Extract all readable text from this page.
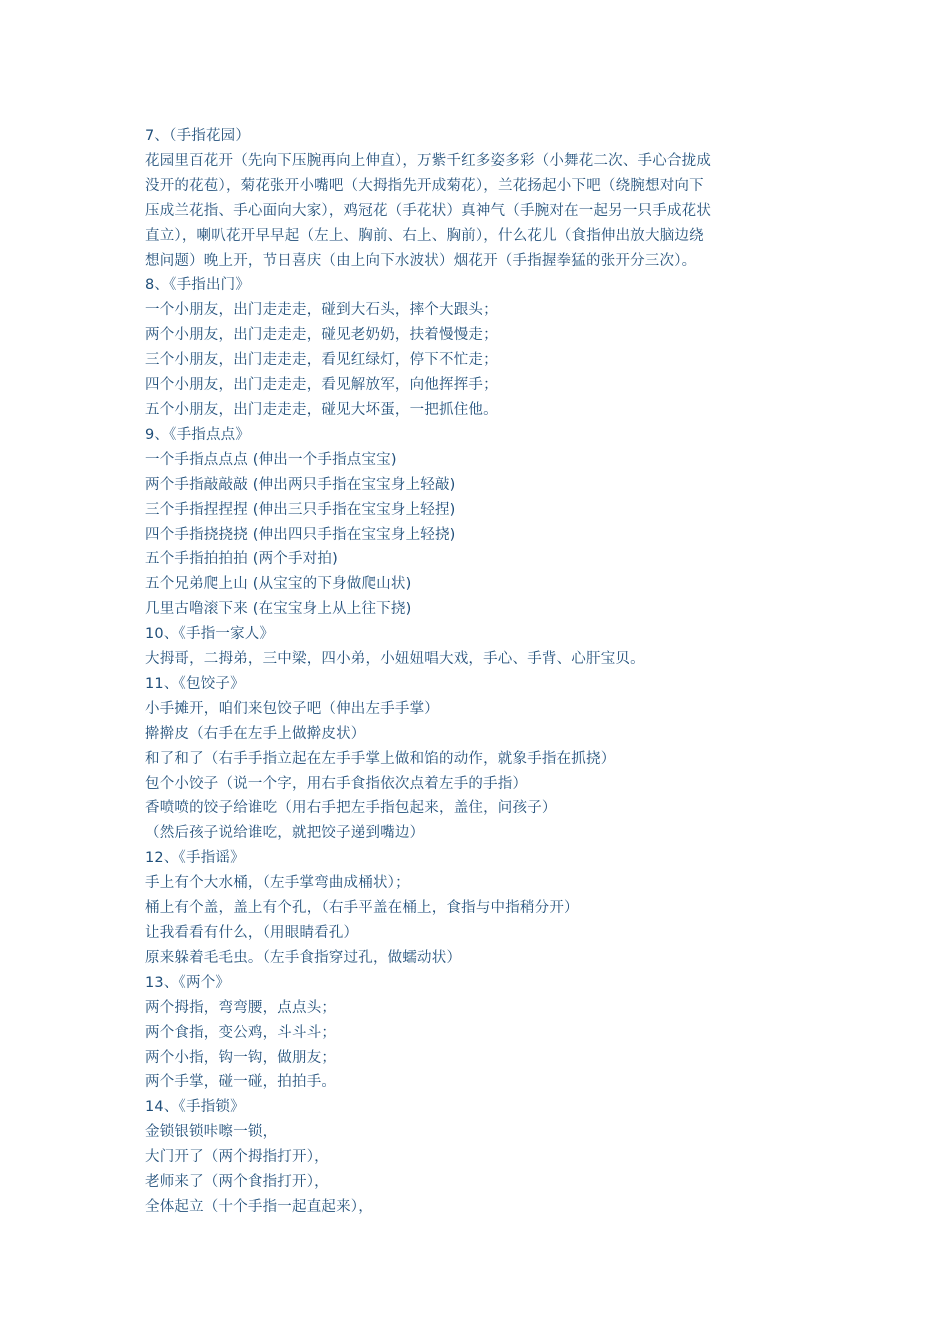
7、（手指花园）
花园里百花开（先向下压腕再向上伸直），万紫千红多姿多彩（小舞花二次、手心合拢成
没开的花苞），菊花张开小嘴吧（大拇指先开成菊花），兰花扬起小下吧（绕腕想对向下
压成兰花指、手心面向大家），鸡冠花（手花状）真神气（手腕对在一起另一只手成花状
直立），喇叭花开早早起（左上、胸前、右上、胸前），什么花儿（食指伸出放大脑边绕
想问题）晚上开，节日喜庆（由上向下水波状）烟花开（手指握拳猛的张开分三次）。
8、《手指出门》
一个小朋友，出门走走走，碰到大石头，摔个大跟头；
两个小朋友，出门走走走，碰见老奶奶，扶着慢慢走；
三个小朋友，出门走走走，看见红绿灯，停下不忙走；
四个小朋友，出门走走走，看见解放军，向他挥挥手；
五个小朋友，出门走走走，碰见大坏蛋，一把抓住他。
9、《手指点点》
一个手指点点点 (伸出一个手指点宝宝)
两个手指敲敲敲 (伸出两只手指在宝宝身上轻敲)
三个手指捏捏捏 (伸出三只手指在宝宝身上轻捏)
四个手指挠挠挠 (伸出四只手指在宝宝身上轻挠)
五个手指拍拍拍 (两个手对拍)
五个兄弟爬上山 (从宝宝的下身做爬山状)
几里古噜滚下来 (在宝宝身上从上往下挠)
10、《手指一家人》
大拇哥，二拇弟，三中梁，四小弟，小妞妞唱大戏，手心、手背、心肝宝贝。
11、《包饺子》
小手摊开，咱们来包饺子吧（伸出左手手掌）
擀擀皮（右手在左手上做擀皮状）
和了和了（右手手指立起在左手手掌上做和馅的动作，就象手指在抓挠）
包个小饺子（说一个字，用右手食指依次点着左手的手指）
香喷喷的饺子给谁吃（用右手把左手指包起来，盖住，问孩子）
（然后孩子说给谁吃，就把饺子递到嘴边）
12、《手指谣》
手上有个大水桶，（左手掌弯曲成桶状）；
桶上有个盖，盖上有个孔，（右手平盖在桶上，食指与中指稍分开）
让我看看有什么，（用眼睛看孔）
原来躲着毛毛虫。（左手食指穿过孔，做蠕动状）
13、《两个》
两个拇指，弯弯腰，点点头；
两个食指，变公鸡，斗斗斗；
两个小指，钩一钩，做朋友；
两个手掌，碰一碰，拍拍手。
14、《手指锁》
金锁银锁咔嚓一锁，
大门开了（两个拇指打开），
老师来了（两个食指打开），
全体起立（十个手指一起直起来），
